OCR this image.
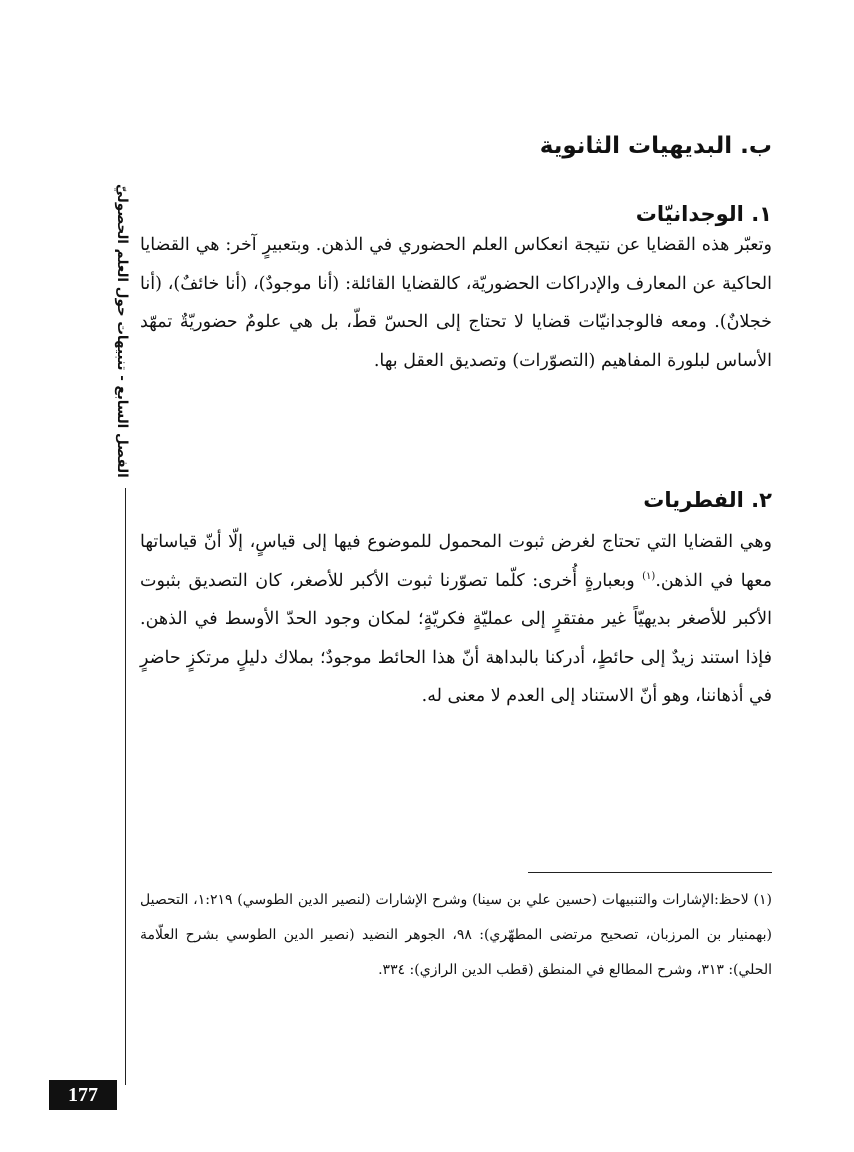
الفصل السابع - تنبيهات حول العلم الحصوليّ
ب. البديهيات الثانوية
١. الوجدانيّات

وتعبّر هذه القضايا عن نتيجة انعكاس العلم الحضوري في الذهن. وبتعبيرٍ آخر: هي القضايا الحاكية عن المعارف والإدراكات الحضوريّة، كالقضايا القائلة: (أنا موجودٌ)، (أنا خائفٌ)، (أنا خجلانٌ). ومعه فالوجدانيّات قضايا لا تحتاج إلى الحسّ قطّ، بل هي علومٌ حضوريّةٌ تمهّد الأساس لبلورة المفاهيم (التصوّرات) وتصديق العقل بها.

٢. الفطريات

وهي القضايا التي تحتاج لغرض ثبوت المحمول للموضوع فيها إلى قياسٍ، إلّا أنّ قياساتها معها في الذهن.$^{(١)}$ وبعبارةٍ أُخرى: كلّما تصوّرنا ثبوت الأكبر للأصغر، كان التصديق بثبوت الأكبر للأصغر بديهيّاً غير مفتقرٍ إلى عمليّةٍ فكريّةٍ؛ لمكان وجود الحدّ الأوسط في الذهن. فإذا استند زيدٌ إلى حائطٍ، أدركنا بالبداهة أنّ هذا الحائط موجودٌ؛ بملاك دليلٍ مرتكزٍ حاضرٍ في أذهاننا، وهو أنّ الاستناد إلى العدم لا معنى له.

(١) لاحظ:الإشارات والتنبيهات (حسين علي بن سينا) وشرح الإشارات (لنصير الدين الطوسي) ١:٢١٩، التحصيل (بهمنيار بن المرزبان، تصحيح مرتضى المطهّري): ٩٨، الجوهر النضيد (نصير الدين الطوسي بشرح العلّامة الحلي): ٣١٣، وشرح المطالع في المنطق (قطب الدين الرازي): ٣٣٤.

177
